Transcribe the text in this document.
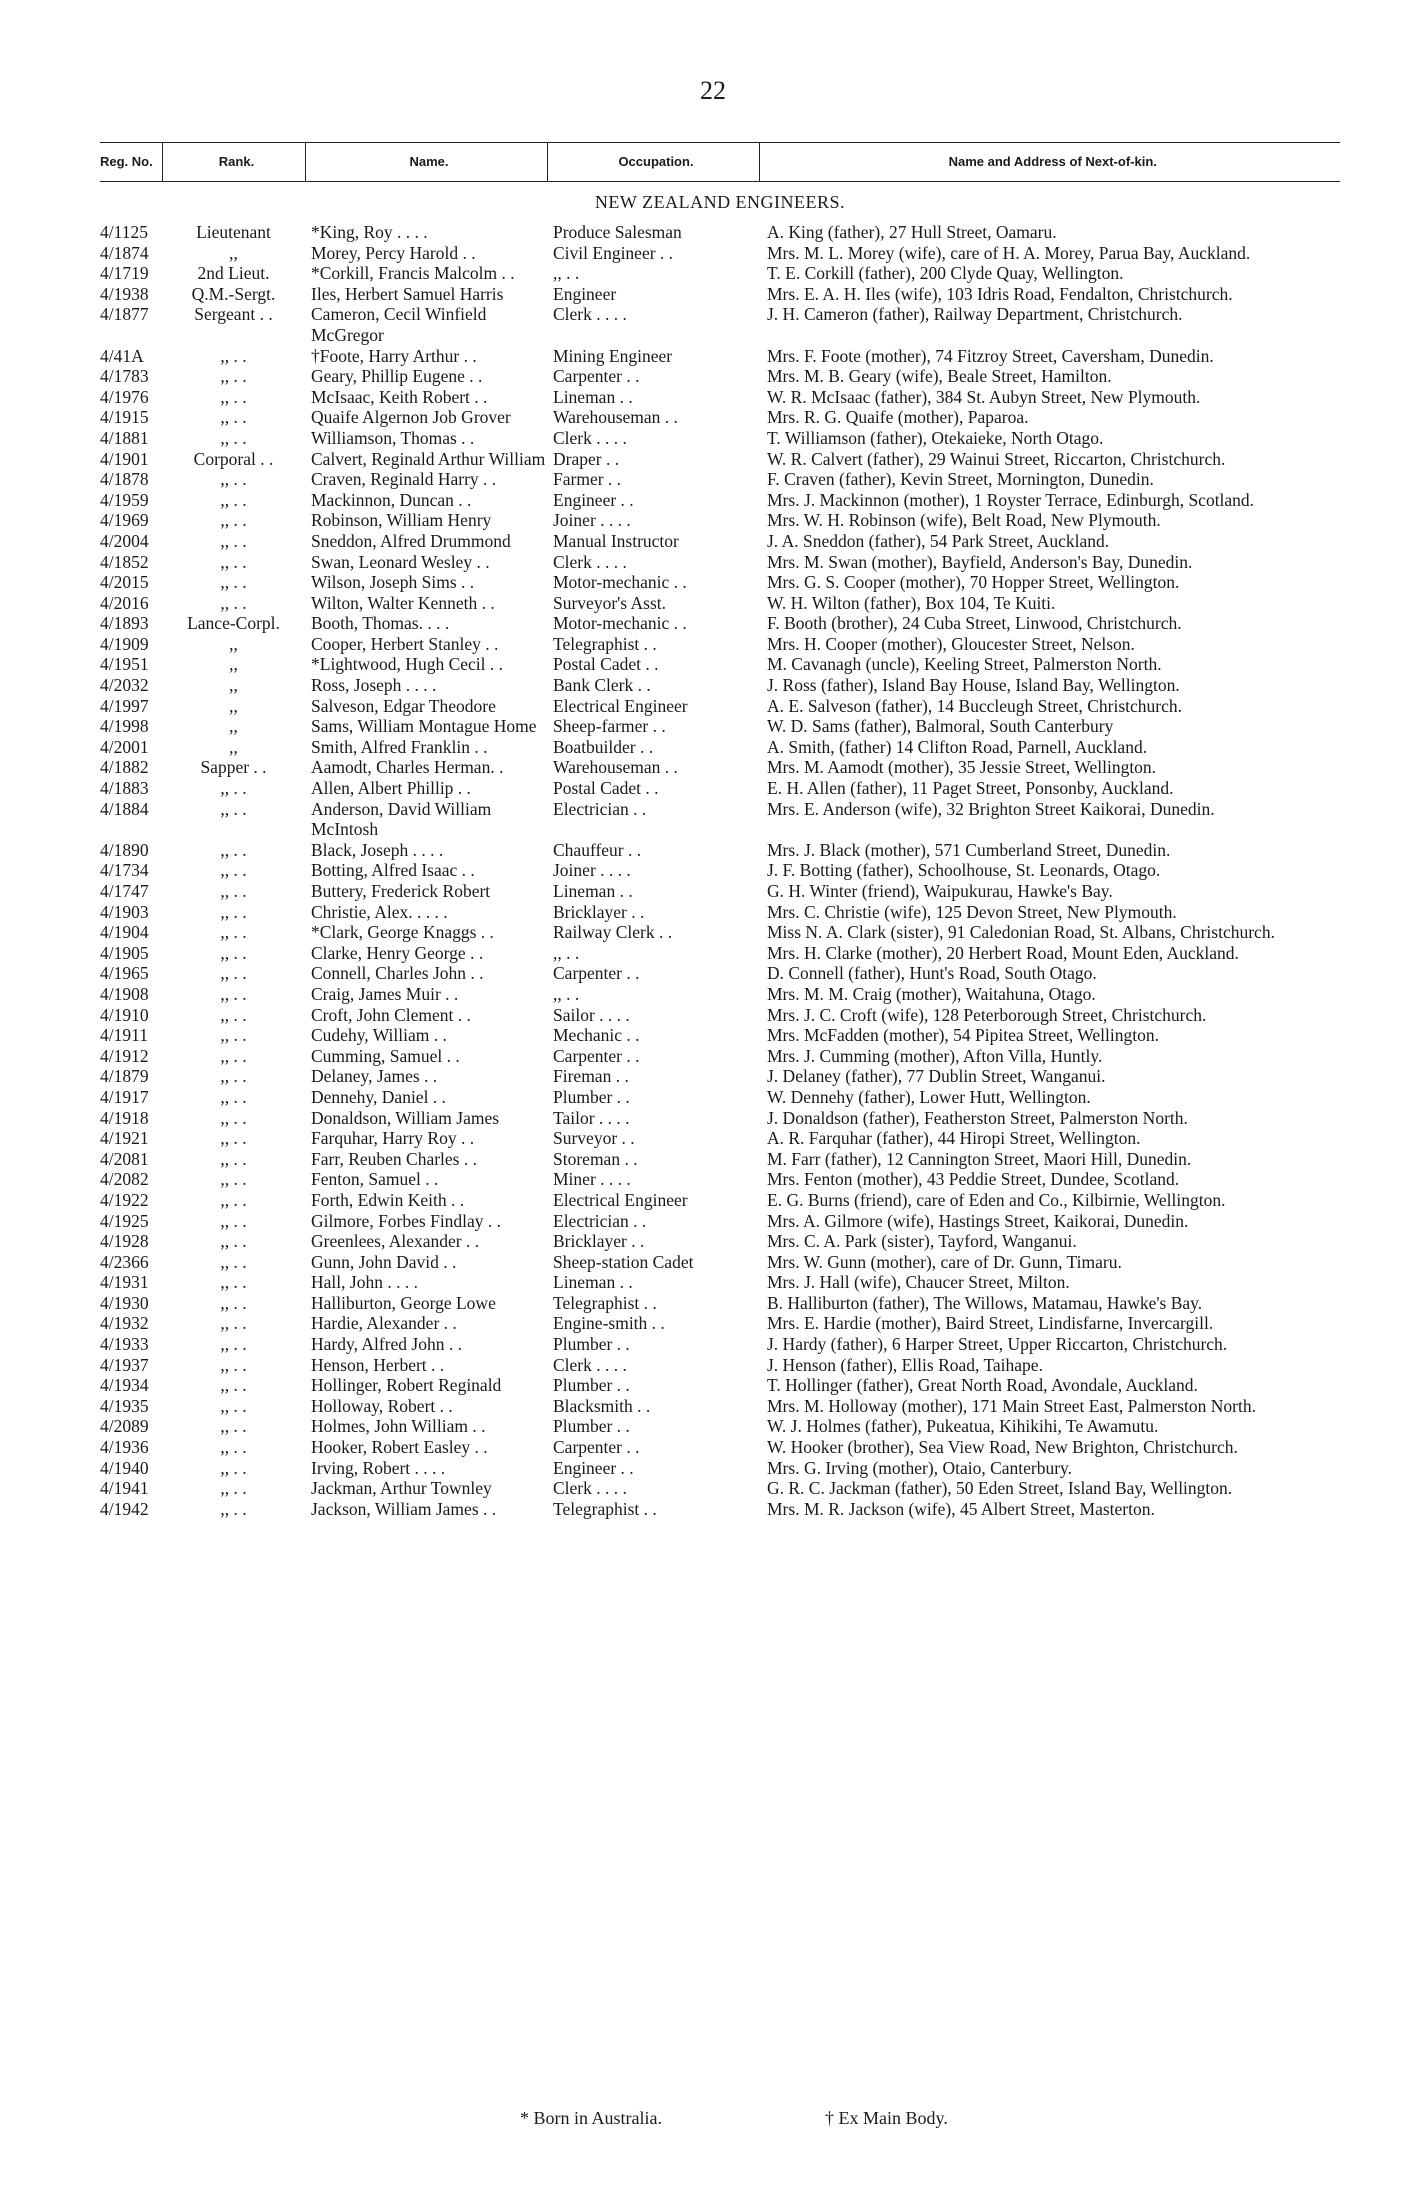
22
Reg. No.	Rank.	Name.	Occupation.	Name and Address of Next-of-kin.
NEW ZEALAND ENGINEERS.				
4/1125	Lieutenant	*King, Roy . . . .	Produce Salesman	A. King (father), 27 Hull Street, Oamaru.
4/1874	,,	Morey, Percy Harold . .	Civil Engineer . .	Mrs. M. L. Morey (wife), care of H. A. Morey, Parua Bay, Auckland.
4/1719	2nd Lieut.	*Corkill, Francis Malcolm . .	,, . .	T. E. Corkill (father), 200 Clyde Quay, Wellington.
4/1938	Q.M.-Sergt.	Iles, Herbert Samuel Harris	Engineer	Mrs. E. A. H. Iles (wife), 103 Idris Road, Fendalton, Christchurch.
4/1877	Sergeant . .	Cameron, Cecil Winfield McGregor	Clerk . . . .	J. H. Cameron (father), Railway Department, Christchurch.
4/41A	,, . .	†Foote, Harry Arthur . .	Mining Engineer	Mrs. F. Foote (mother), 74 Fitzroy Street, Caversham, Dunedin.
4/1783	,, . .	Geary, Phillip Eugene . .	Carpenter . .	Mrs. M. B. Geary (wife), Beale Street, Hamilton.
4/1976	,, . .	McIsaac, Keith Robert . .	Lineman . .	W. R. McIsaac (father), 384 St. Aubyn Street, New Plymouth.
4/1915	,, . .	Quaife Algernon Job Grover	Warehouseman . .	Mrs. R. G. Quaife (mother), Paparoa.
4/1881	,, . .	Williamson, Thomas . .	Clerk . . . .	T. Williamson (father), Otekaieke, North Otago.
4/1901	Corporal . .	Calvert, Reginald Arthur William	Draper . .	W. R. Calvert (father), 29 Wainui Street, Riccarton, Christchurch.
4/1878	,, . .	Craven, Reginald Harry . .	Farmer . .	F. Craven (father), Kevin Street, Mornington, Dunedin.
4/1959	,, . .	Mackinnon, Duncan . .	Engineer . .	Mrs. J. Mackinnon (mother), 1 Royster Terrace, Edinburgh, Scotland.
4/1969	,, . .	Robinson, William Henry	Joiner . . . .	Mrs. W. H. Robinson (wife), Belt Road, New Plymouth.
4/2004	,, . .	Sneddon, Alfred Drummond	Manual Instructor	J. A. Sneddon (father), 54 Park Street, Auckland.
4/1852	,, . .	Swan, Leonard Wesley . .	Clerk . . . .	Mrs. M. Swan (mother), Bayfield, Anderson's Bay, Dunedin.
4/2015	,, . .	Wilson, Joseph Sims . .	Motor-mechanic . .	Mrs. G. S. Cooper (mother), 70 Hopper Street, Wellington.
4/2016	,, . .	Wilton, Walter Kenneth . .	Surveyor's Asst.	W. H. Wilton (father), Box 104, Te Kuiti.
4/1893	Lance-Corpl.	Booth, Thomas. . . .	Motor-mechanic . .	F. Booth (brother), 24 Cuba Street, Linwood, Christchurch.
4/1909	,,	Cooper, Herbert Stanley . .	Telegraphist . .	Mrs. H. Cooper (mother), Gloucester Street, Nelson.
4/1951	,,	*Lightwood, Hugh Cecil . .	Postal Cadet . .	M. Cavanagh (uncle), Keeling Street, Palmerston North.
4/2032	,,	Ross, Joseph . . . .	Bank Clerk . .	J. Ross (father), Island Bay House, Island Bay, Wellington.
4/1997	,,	Salveson, Edgar Theodore	Electrical Engineer	A. E. Salveson (father), 14 Buccleugh Street, Christchurch.
4/1998	,,	Sams, William Montague Home	Sheep-farmer . .	W. D. Sams (father), Balmoral, South Canterbury
4/2001	,,	Smith, Alfred Franklin . .	Boatbuilder . .	A. Smith, (father) 14 Clifton Road, Parnell, Auckland.
4/1882	Sapper . .	Aamodt, Charles Herman. .	Warehouseman . .	Mrs. M. Aamodt (mother), 35 Jessie Street, Wellington.
4/1883	,, . .	Allen, Albert Phillip . .	Postal Cadet . .	E. H. Allen (father), 11 Paget Street, Ponsonby, Auckland.
4/1884	,, . .	Anderson, David William McIntosh	Electrician . .	Mrs. E. Anderson (wife), 32 Brighton Street Kaikorai, Dunedin.
4/1890	,, . .	Black, Joseph . . . .	Chauffeur . .	Mrs. J. Black (mother), 571 Cumberland Street, Dunedin.
4/1734	,, . .	Botting, Alfred Isaac . .	Joiner . . . .	J. F. Botting (father), Schoolhouse, St. Leonards, Otago.
4/1747	,, . .	Buttery, Frederick Robert	Lineman . .	G. H. Winter (friend), Waipukurau, Hawke's Bay.
4/1903	,, . .	Christie, Alex. . . . .	Bricklayer . .	Mrs. C. Christie (wife), 125 Devon Street, New Plymouth.
4/1904	,, . .	*Clark, George Knaggs . .	Railway Clerk . .	Miss N. A. Clark (sister), 91 Caledonian Road, St. Albans, Christchurch.
4/1905	,, . .	Clarke, Henry George . .	,, . .	Mrs. H. Clarke (mother), 20 Herbert Road, Mount Eden, Auckland.
4/1965	,, . .	Connell, Charles John . .	Carpenter . .	D. Connell (father), Hunt's Road, South Otago.
4/1908	,, . .	Craig, James Muir . .	,, . .	Mrs. M. M. Craig (mother), Waitahuna, Otago.
4/1910	,, . .	Croft, John Clement . .	Sailor . . . .	Mrs. J. C. Croft (wife), 128 Peterborough Street, Christchurch.
4/1911	,, . .	Cudehy, William . .	Mechanic . .	Mrs. McFadden (mother), 54 Pipitea Street, Wellington.
4/1912	,, . .	Cumming, Samuel . .	Carpenter . .	Mrs. J. Cumming (mother), Afton Villa, Huntly.
4/1879	,, . .	Delaney, James . .	Fireman . .	J. Delaney (father), 77 Dublin Street, Wanganui.
4/1917	,, . .	Dennehy, Daniel . .	Plumber . .	W. Dennehy (father), Lower Hutt, Wellington.
4/1918	,, . .	Donaldson, William James	Tailor . . . .	J. Donaldson (father), Featherston Street, Palmerston North.
4/1921	,, . .	Farquhar, Harry Roy . .	Surveyor . .	A. R. Farquhar (father), 44 Hiropi Street, Wellington.
4/2081	,, . .	Farr, Reuben Charles . .	Storeman . .	M. Farr (father), 12 Cannington Street, Maori Hill, Dunedin.
4/2082	,, . .	Fenton, Samuel . .	Miner . . . .	Mrs. Fenton (mother), 43 Peddie Street, Dundee, Scotland.
4/1922	,, . .	Forth, Edwin Keith . .	Electrical Engineer	E. G. Burns (friend), care of Eden and Co., Kilbirnie, Wellington.
4/1925	,, . .	Gilmore, Forbes Findlay . .	Electrician . .	Mrs. A. Gilmore (wife), Hastings Street, Kaikorai, Dunedin.
4/1928	,, . .	Greenlees, Alexander . .	Bricklayer . .	Mrs. C. A. Park (sister), Tayford, Wanganui.
4/2366	,, . .	Gunn, John David . .	Sheep-station Cadet	Mrs. W. Gunn (mother), care of Dr. Gunn, Timaru.
4/1931	,, . .	Hall, John . . . .	Lineman . .	Mrs. J. Hall (wife), Chaucer Street, Milton.
4/1930	,, . .	Halliburton, George Lowe	Telegraphist . .	B. Halliburton (father), The Willows, Matamau, Hawke's Bay.
4/1932	,, . .	Hardie, Alexander . .	Engine-smith . .	Mrs. E. Hardie (mother), Baird Street, Lindisfarne, Invercargill.
4/1933	,, . .	Hardy, Alfred John . .	Plumber . .	J. Hardy (father), 6 Harper Street, Upper Riccarton, Christchurch.
4/1937	,, . .	Henson, Herbert . .	Clerk . . . .	J. Henson (father), Ellis Road, Taihape.
4/1934	,, . .	Hollinger, Robert Reginald	Plumber . .	T. Hollinger (father), Great North Road, Avondale, Auckland.
4/1935	,, . .	Holloway, Robert . .	Blacksmith . .	Mrs. M. Holloway (mother), 171 Main Street East, Palmerston North.
4/2089	,, . .	Holmes, John William . .	Plumber . .	W. J. Holmes (father), Pukeatua, Kihikihi, Te Awamutu.
4/1936	,, . .	Hooker, Robert Easley . .	Carpenter . .	W. Hooker (brother), Sea View Road, New Brighton, Christchurch.
4/1940	,, . .	Irving, Robert . . . .	Engineer . .	Mrs. G. Irving (mother), Otaio, Canterbury.
4/1941	,, . .	Jackman, Arthur Townley	Clerk . . . .	G. R. C. Jackman (father), 50 Eden Street, Island Bay, Wellington.
4/1942	,, . .	Jackson, William James . .	Telegraphist . .	Mrs. M. R. Jackson (wife), 45 Albert Street, Masterton.
* Born in Australia.	† Ex Main Body.
